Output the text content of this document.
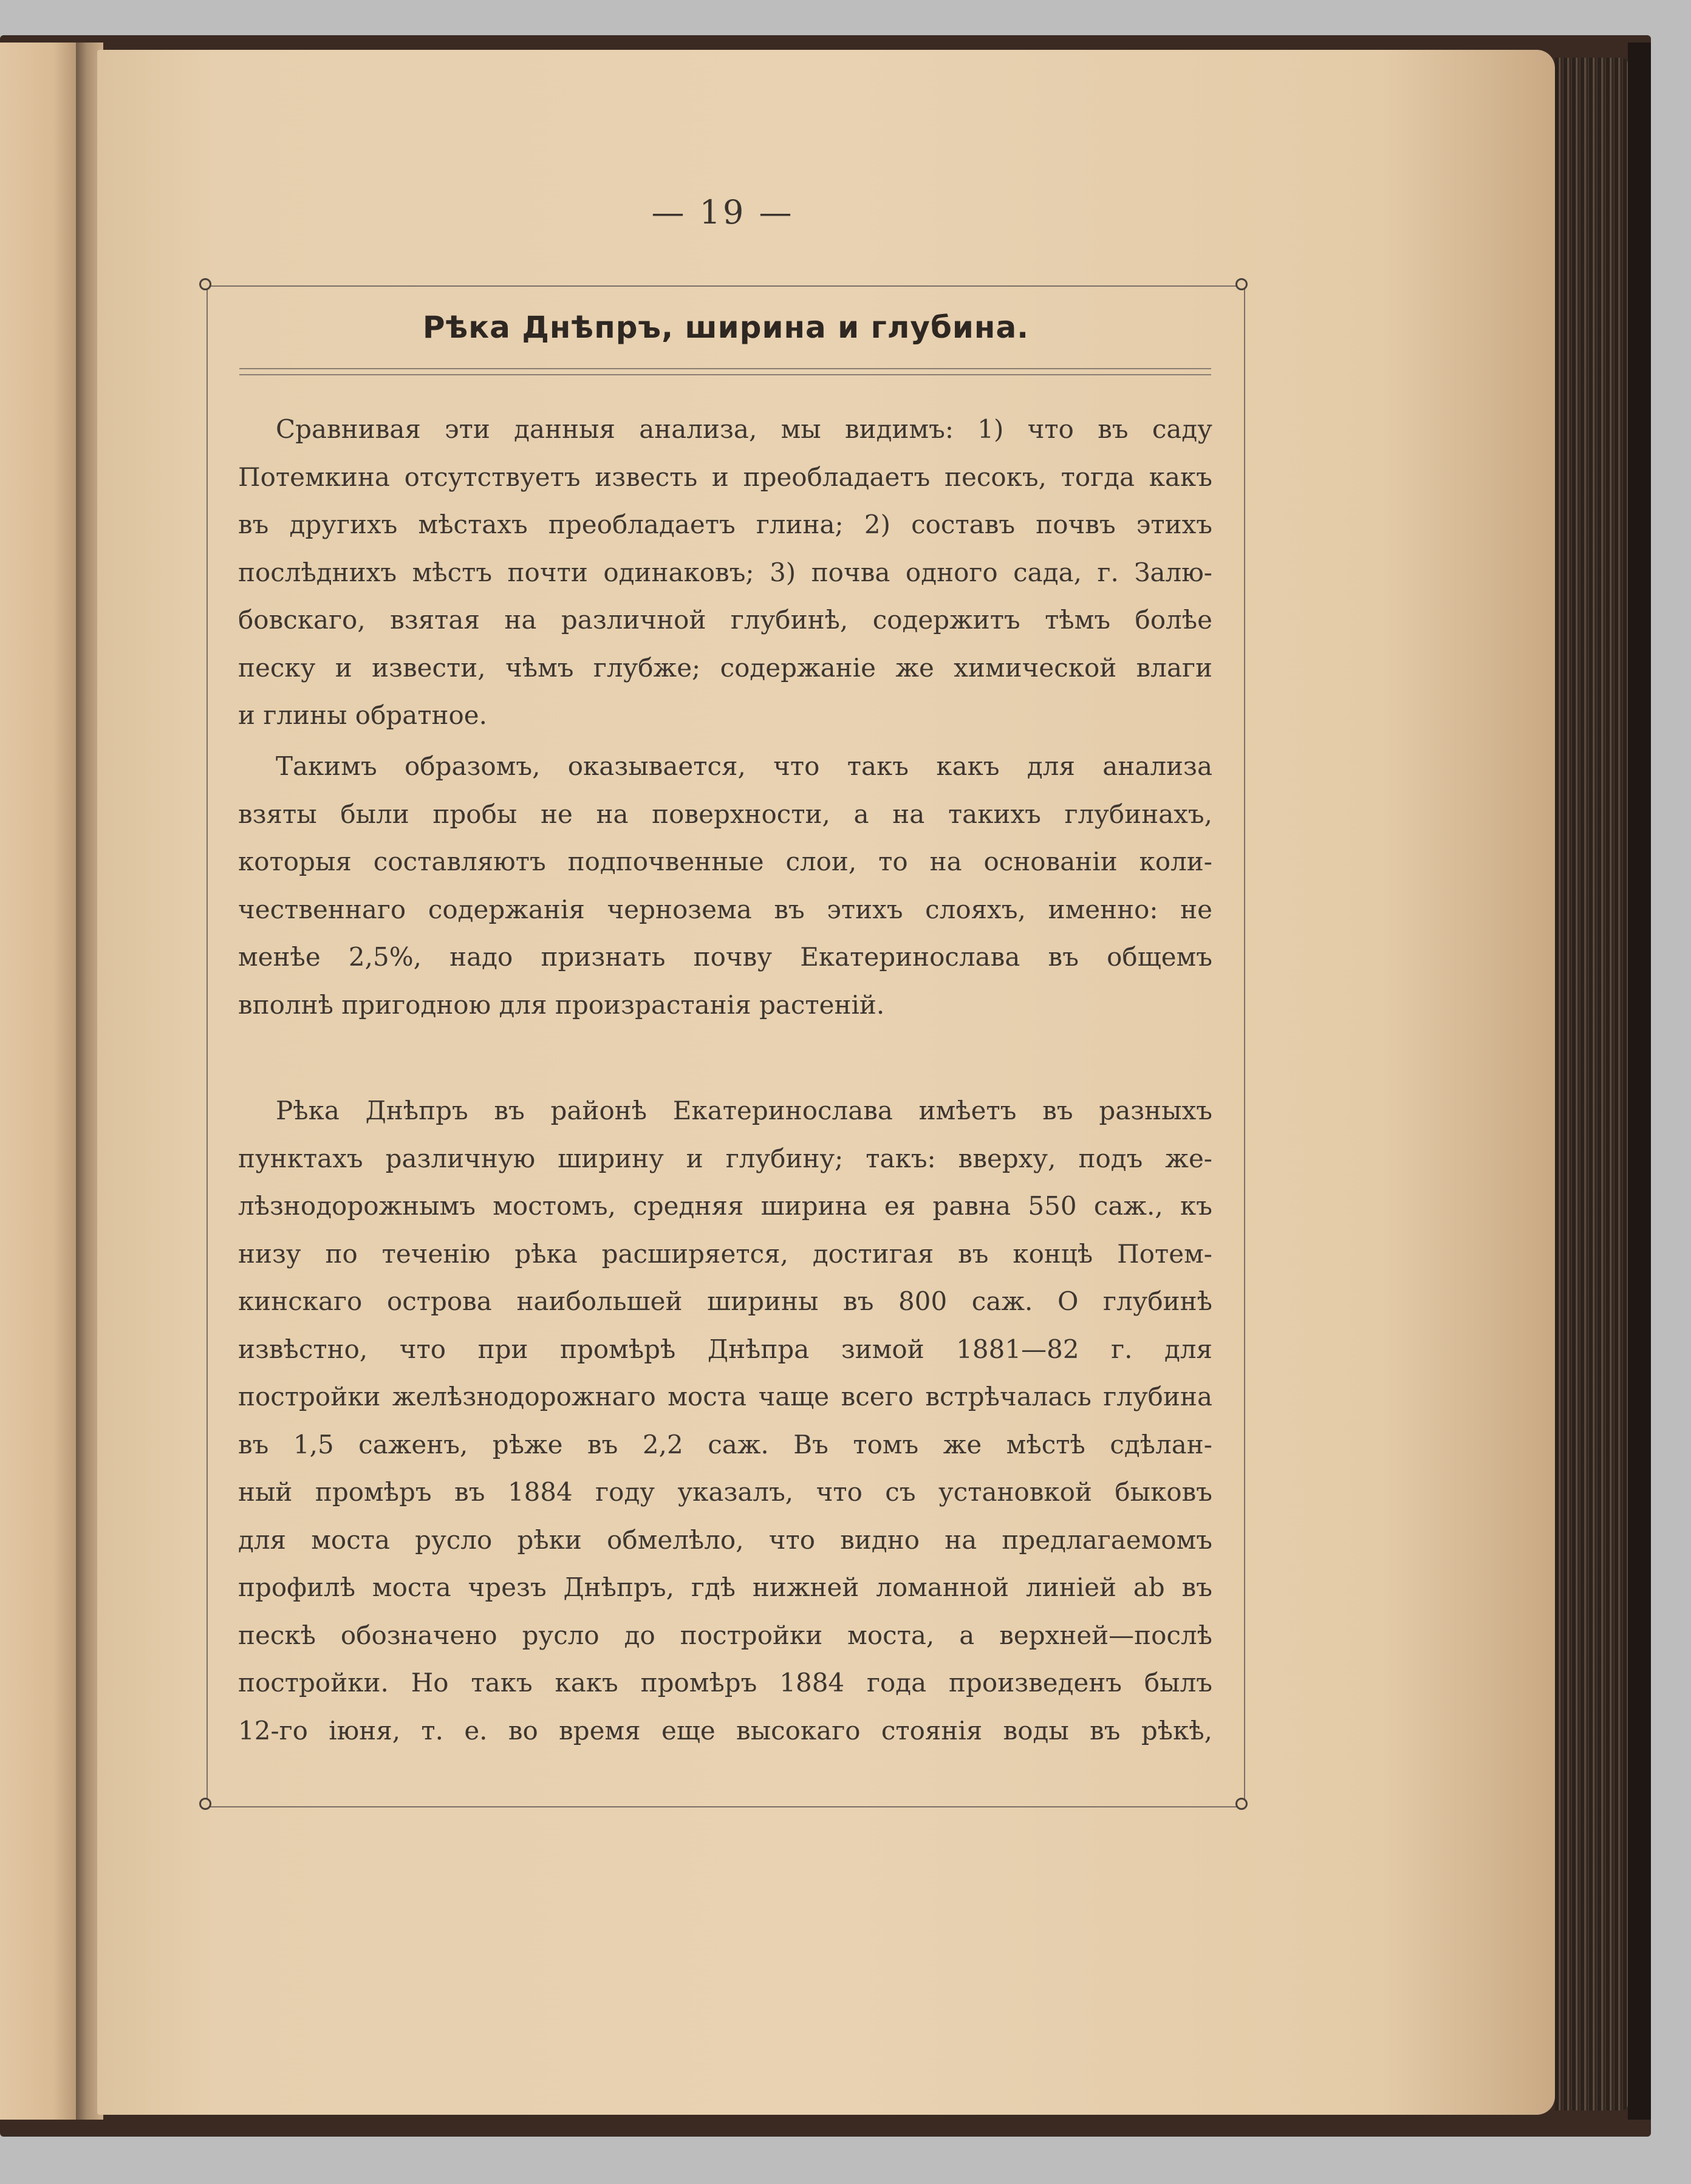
— 19 —
Рѣка Днѣпръ, ширина и глубина.
Сравнивая эти данныя анализа, мы видимъ: 1) что въ саду
Потемкина отсутствуетъ известь и преобладаетъ песокъ, тогда какъ
въ другихъ мѣстахъ преобладаетъ глина; 2) составъ почвъ этихъ
послѣднихъ мѣстъ почти одинаковъ; 3) почва одного сада, г. Залю-
бовскаго, взятая на различной глубинѣ, содержитъ тѣмъ болѣе
песку и извести, чѣмъ глубже; содержаніе же химической влаги
и глины обратное.
Такимъ образомъ, оказывается, что такъ какъ для анализа
взяты были пробы не на поверхности, а на такихъ глубинахъ,
которыя составляютъ подпочвенные слои, то на основаніи коли-
чественнаго содержанія чернозема въ этихъ слояхъ, именно: не
менѣе 2,5%, надо признать почву Екатеринослава въ общемъ
вполнѣ пригодною для произрастанія растеній.
Рѣка Днѣпръ въ районѣ Екатеринослава имѣетъ въ разныхъ
пунктахъ различную ширину и глубину; такъ: вверху, подъ же-
лѣзнодорожнымъ мостомъ, средняя ширина ея равна 550 саж., къ
низу по теченію рѣка расширяется, достигая въ концѣ Потем-
кинскаго острова наибольшей ширины въ 800 саж. О глубинѣ
извѣстно, что при промѣрѣ Днѣпра зимой 1881—82 г. для
постройки желѣзнодорожнаго моста чаще всего встрѣчалась глубина
въ 1,5 саженъ, рѣже въ 2,2 саж. Въ томъ же мѣстѣ сдѣлан-
ный промѣръ въ 1884 году указалъ, что съ установкой быковъ
для моста русло рѣки обмелѣло, что видно на предлагаемомъ
профилѣ моста чрезъ Днѣпръ, гдѣ нижней ломанной линіей ab въ
пескѣ обозначено русло до постройки моста, а верхней—послѣ
постройки. Но такъ какъ промѣръ 1884 года произведенъ былъ
12-го іюня, т. е. во время еще высокаго стоянія воды въ рѣкѣ,
